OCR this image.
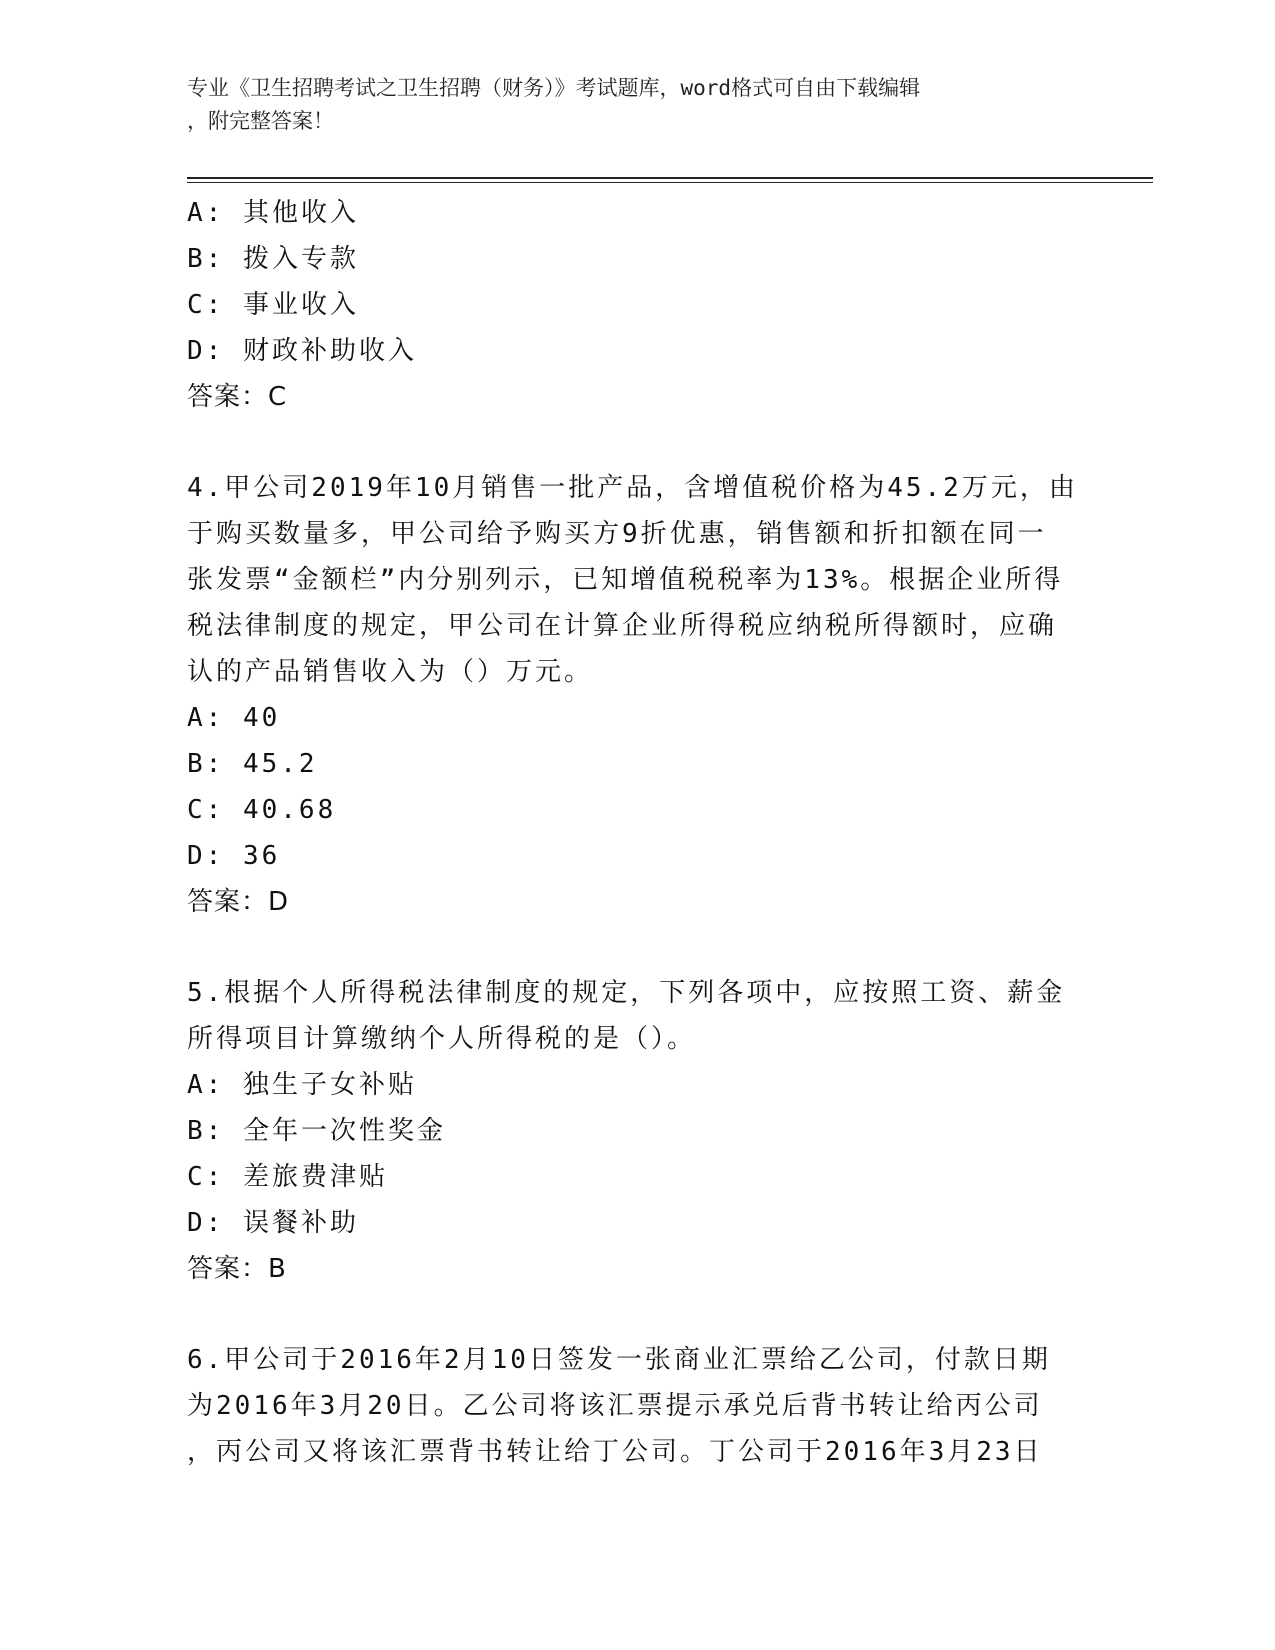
专业《卫生招聘考试之卫生招聘（财务）》考试题库，word格式可自由下载编辑
，附完整答案！
A: 其他收入
B: 拨入专款
C: 事业收入
D: 财政补助收入
答案：C
4.甲公司2019年10月销售一批产品，含增值税价格为45.2万元，由
于购买数量多，甲公司给予购买方9折优惠，销售额和折扣额在同一
张发票“金额栏”内分别列示，已知增值税税率为13%。根据企业所得
税法律制度的规定，甲公司在计算企业所得税应纳税所得额时，应确
认的产品销售收入为（）万元。
A: 40
B: 45.2
C: 40.68
D: 36
答案：D
5.根据个人所得税法律制度的规定，下列各项中，应按照工资、薪金
所得项目计算缴纳个人所得税的是（）。
A: 独生子女补贴
B: 全年一次性奖金
C: 差旅费津贴
D: 误餐补助
答案：B
6.甲公司于2016年2月10日签发一张商业汇票给乙公司，付款日期
为2016年3月20日。乙公司将该汇票提示承兑后背书转让给丙公司
，丙公司又将该汇票背书转让给丁公司。丁公司于2016年3月23日
